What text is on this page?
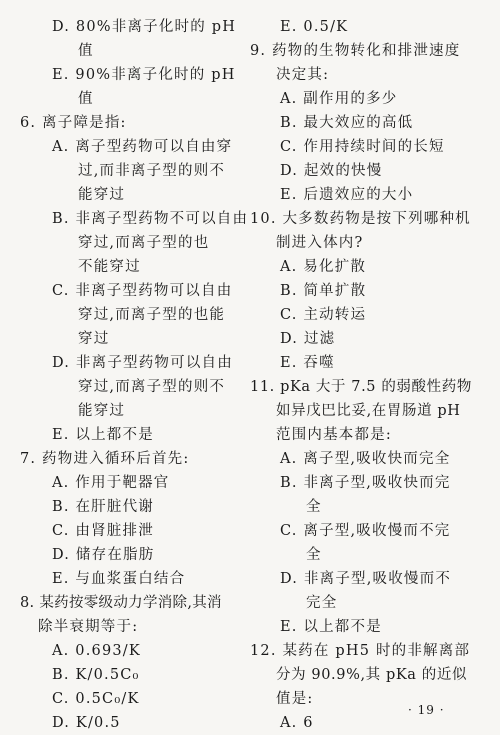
D. 80%非离子化时的 pH
值
E. 90%非离子化时的 pH
值
6. 离子障是指:
A. 离子型药物可以自由穿
过,而非离子型的则不
能穿过
B. 非离子型药物不可以自由
穿过,而离子型的也
不能穿过
C. 非离子型药物可以自由
穿过,而离子型的也能
穿过
D. 非离子型药物可以自由
穿过,而离子型的则不
能穿过
E. 以上都不是
7. 药物进入循环后首先:
A. 作用于靶器官
B. 在肝脏代谢
C. 由肾脏排泄
D. 储存在脂肪
E. 与血浆蛋白结合
8. 某药按零级动力学消除,其消
除半衰期等于:
A. 0.693/K
B. K/0.5C₀
C. 0.5C₀/K
D. K/0.5
E. 0.5/K
9. 药物的生物转化和排泄速度
决定其:
A. 副作用的多少
B. 最大效应的高低
C. 作用持续时间的长短
D. 起效的快慢
E. 后遗效应的大小
10. 大多数药物是按下列哪种机
制进入体内?
A. 易化扩散
B. 简单扩散
C. 主动转运
D. 过滤
E. 吞噬
11. pKa 大于 7.5 的弱酸性药物
如异戊巴比妥,在胃肠道 pH
范围内基本都是:
A. 离子型,吸收快而完全
B. 非离子型,吸收快而完
全
C. 离子型,吸收慢而不完
全
D. 非离子型,吸收慢而不
完全
E. 以上都不是
12. 某药在 pH5 时的非解离部
分为 90.9%,其 pKa 的近似
值是:
A. 6
· 19 ·
